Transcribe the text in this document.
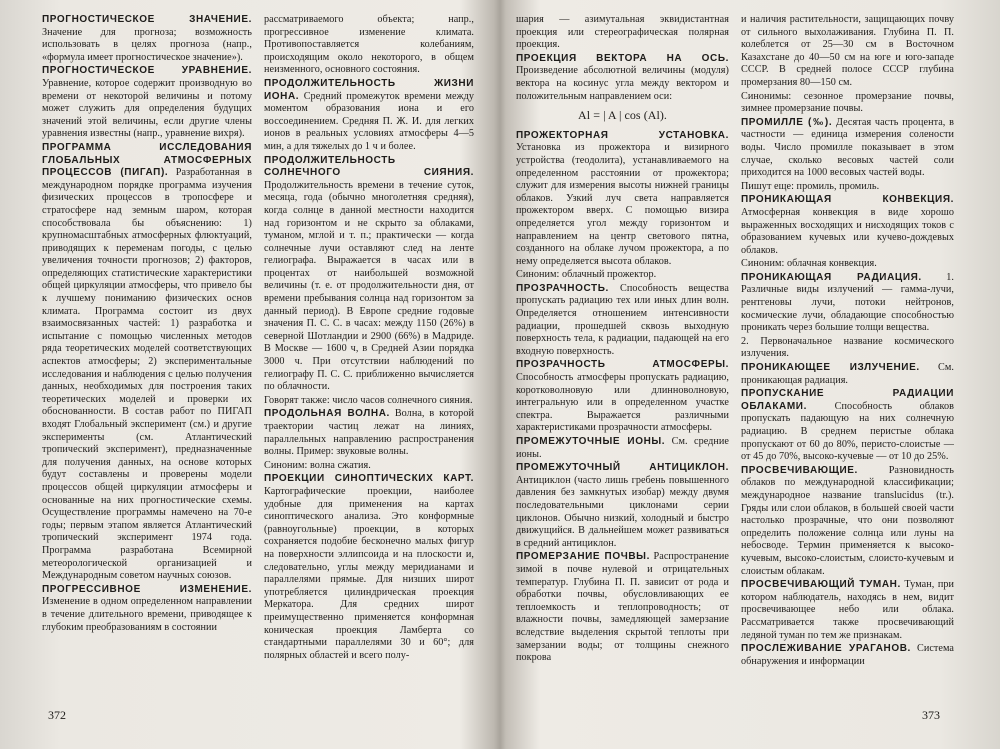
ПРОГНОСТИЧЕСКОЕ ЗНАЧЕНИЕ. Значение для прогноза; возможность использовать в целях прогноза (напр., «формула имеет прогностическое значение»).

ПРОГНОСТИЧЕСКОЕ УРАВНЕНИЕ. Уравнение, которое содержит производную во времени от некоторой величины и потому может служить для определения будущих значений этой величины, если другие члены уравнения известны (напр., уравнение вихря).

ПРОГРАММА ИССЛЕДОВАНИЯ ГЛОБАЛЬНЫХ АТМОСФЕРНЫХ ПРОЦЕССОВ (ПИГАП). Разработанная в международном порядке программа изучения физических процессов в тропосфере и стратосфере над земным шаром, которая способствовала бы объяснению: 1) крупномасштабных атмосферных флюктуаций, приводящих к переменам погоды, с целью увеличения точности прогнозов; 2) факторов, определяющих статистические характеристики общей циркуляции атмосферы, что привело бы к лучшему пониманию физических основ климата. Программа состоит из двух взаимосвязанных частей: 1) разработка и испытание с помощью численных методов ряда теоретических моделей соответствующих аспектов атмосферы; 2) экспериментальные исследования и наблюдения с целью получения данных, необходимых для построения таких теоретических моделей и проверки их обоснованности. В состав работ по ПИГАП входят Глобальный эксперимент (см.) и другие эксперименты (см. Атлантический тропический эксперимент), предназначенные для получения данных, на основе которых будут составлены и проверены модели процессов общей циркуляции атмосферы и основанные на них прогностические схемы. Осуществление программы намечено на 70-е годы; первым этапом является Атлантический тропический эксперимент 1974 года. Программа разработана Всемирной метеорологической организацией и Международным советом научных союзов.

ПРОГРЕССИВНОЕ ИЗМЕНЕНИЕ. Изменение в одном определенном направлении в течение длительного времени, приводящее к глубоким преобразованиям в состоянии

рассматриваемого объекта; напр., прогрессивное изменение климата. Противопоставляется колебаниям, происходящим около некоторого, в общем неизменного, основного состояния.

ПРОДОЛЖИТЕЛЬНОСТЬ ЖИЗНИ ИОНА. Средний промежуток времени между моментом образования иона и его воссоединением. Средняя П. Ж. И. для легких ионов в реальных условиях атмосферы 4—5 мин, а для тяжелых до 1 ч и более.

ПРОДОЛЖИТЕЛЬНОСТЬ СОЛНЕЧНОГО СИЯНИЯ. Продолжительность времени в течение суток, месяца, года (обычно многолетняя средняя), когда солнце в данной местности находится над горизонтом и не скрыто за облаками, туманом, мглой и т. п.; практически — когда солнечные лучи оставляют след на ленте гелиографа. Выражается в часах или в процентах от наибольшей возможной величины (т. е. от продолжительности дня, от времени пребывания солнца над горизонтом за данный период). В Европе средние годовые значения П. С. С. в часах: между 1150 (26%) в северной Шотландии и 2900 (66%) в Мадриде. В Москве — 1600 ч, в Средней Азии порядка 3000 ч. При отсутствии наблюдений по гелиографу П. С. С. приближенно вычисляется по облачности.

Говорят также: число часов солнечного сияния.

ПРОДОЛЬНАЯ ВОЛНА. Волна, в которой траектории частиц лежат на линиях, параллельных направлению распространения волны. Пример: звуковые волны.

Синоним: волна сжатия.

ПРОЕКЦИИ СИНОПТИЧЕСКИХ КАРТ. Картографические проекции, наиболее удобные для применения на картах синоптического анализа. Это конформные (равноугольные) проекции, в которых сохраняется подобие бесконечно малых фигур на поверхности эллипсоида и на плоскости и, следовательно, углы между меридианами и параллелями прямые. Для низших широт употребляется цилиндрическая проекция Меркатора. Для средних широт преимущественно применяется конформная коническая проекция Ламберта со стандартными параллелями 30 и 60°; для полярных областей и всего полу-

372

шария — азимутальная эквидистантная проекция или стереографическая полярная проекция.

ПРОЕКЦИЯ ВЕКТОРА НА ОСЬ. Произведение абсолютной величины (модуля) вектора на косинус угла между вектором и положительным направлением оси:

Al = | A | cos (Al).

ПРОЖЕКТОРНАЯ УСТАНОВКА. Установка из прожектора и визирного устройства (теодолита), устанавливаемого на определенном расстоянии от прожектора; служит для измерения высоты нижней границы облаков. Узкий луч света направляется прожектором вверх. С помощью визира определяется угол между горизонтом и направлением на центр светового пятна, созданного на облаке лучом прожектора, а по нему определяется высота облаков.

Синоним: облачный прожектор.

ПРОЗРАЧНОСТЬ. Способность вещества пропускать радиацию тех или иных длин волн. Определяется отношением интенсивности радиации, прошедшей сквозь выходную поверхность тела, к радиации, падающей на его входную поверхность.

ПРОЗРАЧНОСТЬ АТМОСФЕРЫ. Способность атмосферы пропускать радиацию, коротковолновую или длинноволновую, интегральную или в определенном участке спектра. Выражается различными характеристиками прозрачности атмосферы.

ПРОМЕЖУТОЧНЫЕ ИОНЫ. См. средние ионы.

ПРОМЕЖУТОЧНЫЙ АНТИЦИКЛОН. Антициклон (часто лишь гребень повышенного давления без замкнутых изобар) между двумя последовательными циклонами серии циклонов. Обычно низкий, холодный и быстро движущийся. В дальнейшем может развиваться в средний антициклон.

ПРОМЕРЗАНИЕ ПОЧВЫ. Распространение зимой в почве нулевой и отрицательных температур. Глубина П. П. зависит от рода и обработки почвы, обусловливающих ее теплоемкость и теплопроводность; от влажности почвы, замедляющей замерзание вследствие выделения скрытой теплоты при замерзании воды; от толщины снежного покрова

и наличия растительности, защищающих почву от сильного выхолаживания. Глубина П. П. колеблется от 25—30 см в Восточном Казахстане до 40—50 см на юге и юго-западе СССР. В средней полосе СССР глубина промерзания 80—150 см.

Синонимы: сезонное промерзание почвы, зимнее промерзание почвы.

ПРОМИЛЛЕ (‰). Десятая часть процента, в частности — единица измерения солености воды. Число промилле показывает в этом случае, сколько весовых частей соли приходится на 1000 весовых частей воды.

Пишут еще: промиль, промиль.

ПРОНИКАЮЩАЯ КОНВЕКЦИЯ. Атмосферная конвекция в виде хорошо выраженных восходящих и нисходящих токов с образованием кучевых или кучево-дождевых облаков.

Синоним: облачная конвекция.

ПРОНИКАЮЩАЯ РАДИАЦИЯ. 1. Различные виды излучений — гамма-лучи, рентгеновы лучи, потоки нейтронов, космические лучи, обладающие способностью проникать через большие толщи вещества.

2. Первоначальное название космического излучения.

ПРОНИКАЮЩЕЕ ИЗЛУЧЕНИЕ. См. проникающая радиация.

ПРОПУСКАНИЕ РАДИАЦИИ ОБЛАКАМИ.	Способность облаков пропускать падающую на них солнечную радиацию. В среднем перистые облака пропускают от 60 до 80%, перисто-слоистые — от 45 до 70%, высоко-кучевые — от 10 до 25%.

ПРОСВЕЧИВАЮЩИЕ.	Разновидность облаков по международной классификации; международное название translucidus (tr.). Гряды или слои облаков, в большей своей части настолько прозрачные, что они позволяют определить положение солнца или луны на небосводе. Термин применяется к высоко-кучевым, высоко-слоистым, слоисто-кучевым и слоистым облакам.

ПРОСВЕЧИВАЮЩИЙ ТУМАН. Туман, при котором наблюдатель, находясь в нем, видит просвечивающее небо или облака. Рассматривается также просвечивающий ледяной туман по тем же признакам.

ПРОСЛЕЖИВАНИЕ УРАГАНОВ. Система обнаружения и информации

373
